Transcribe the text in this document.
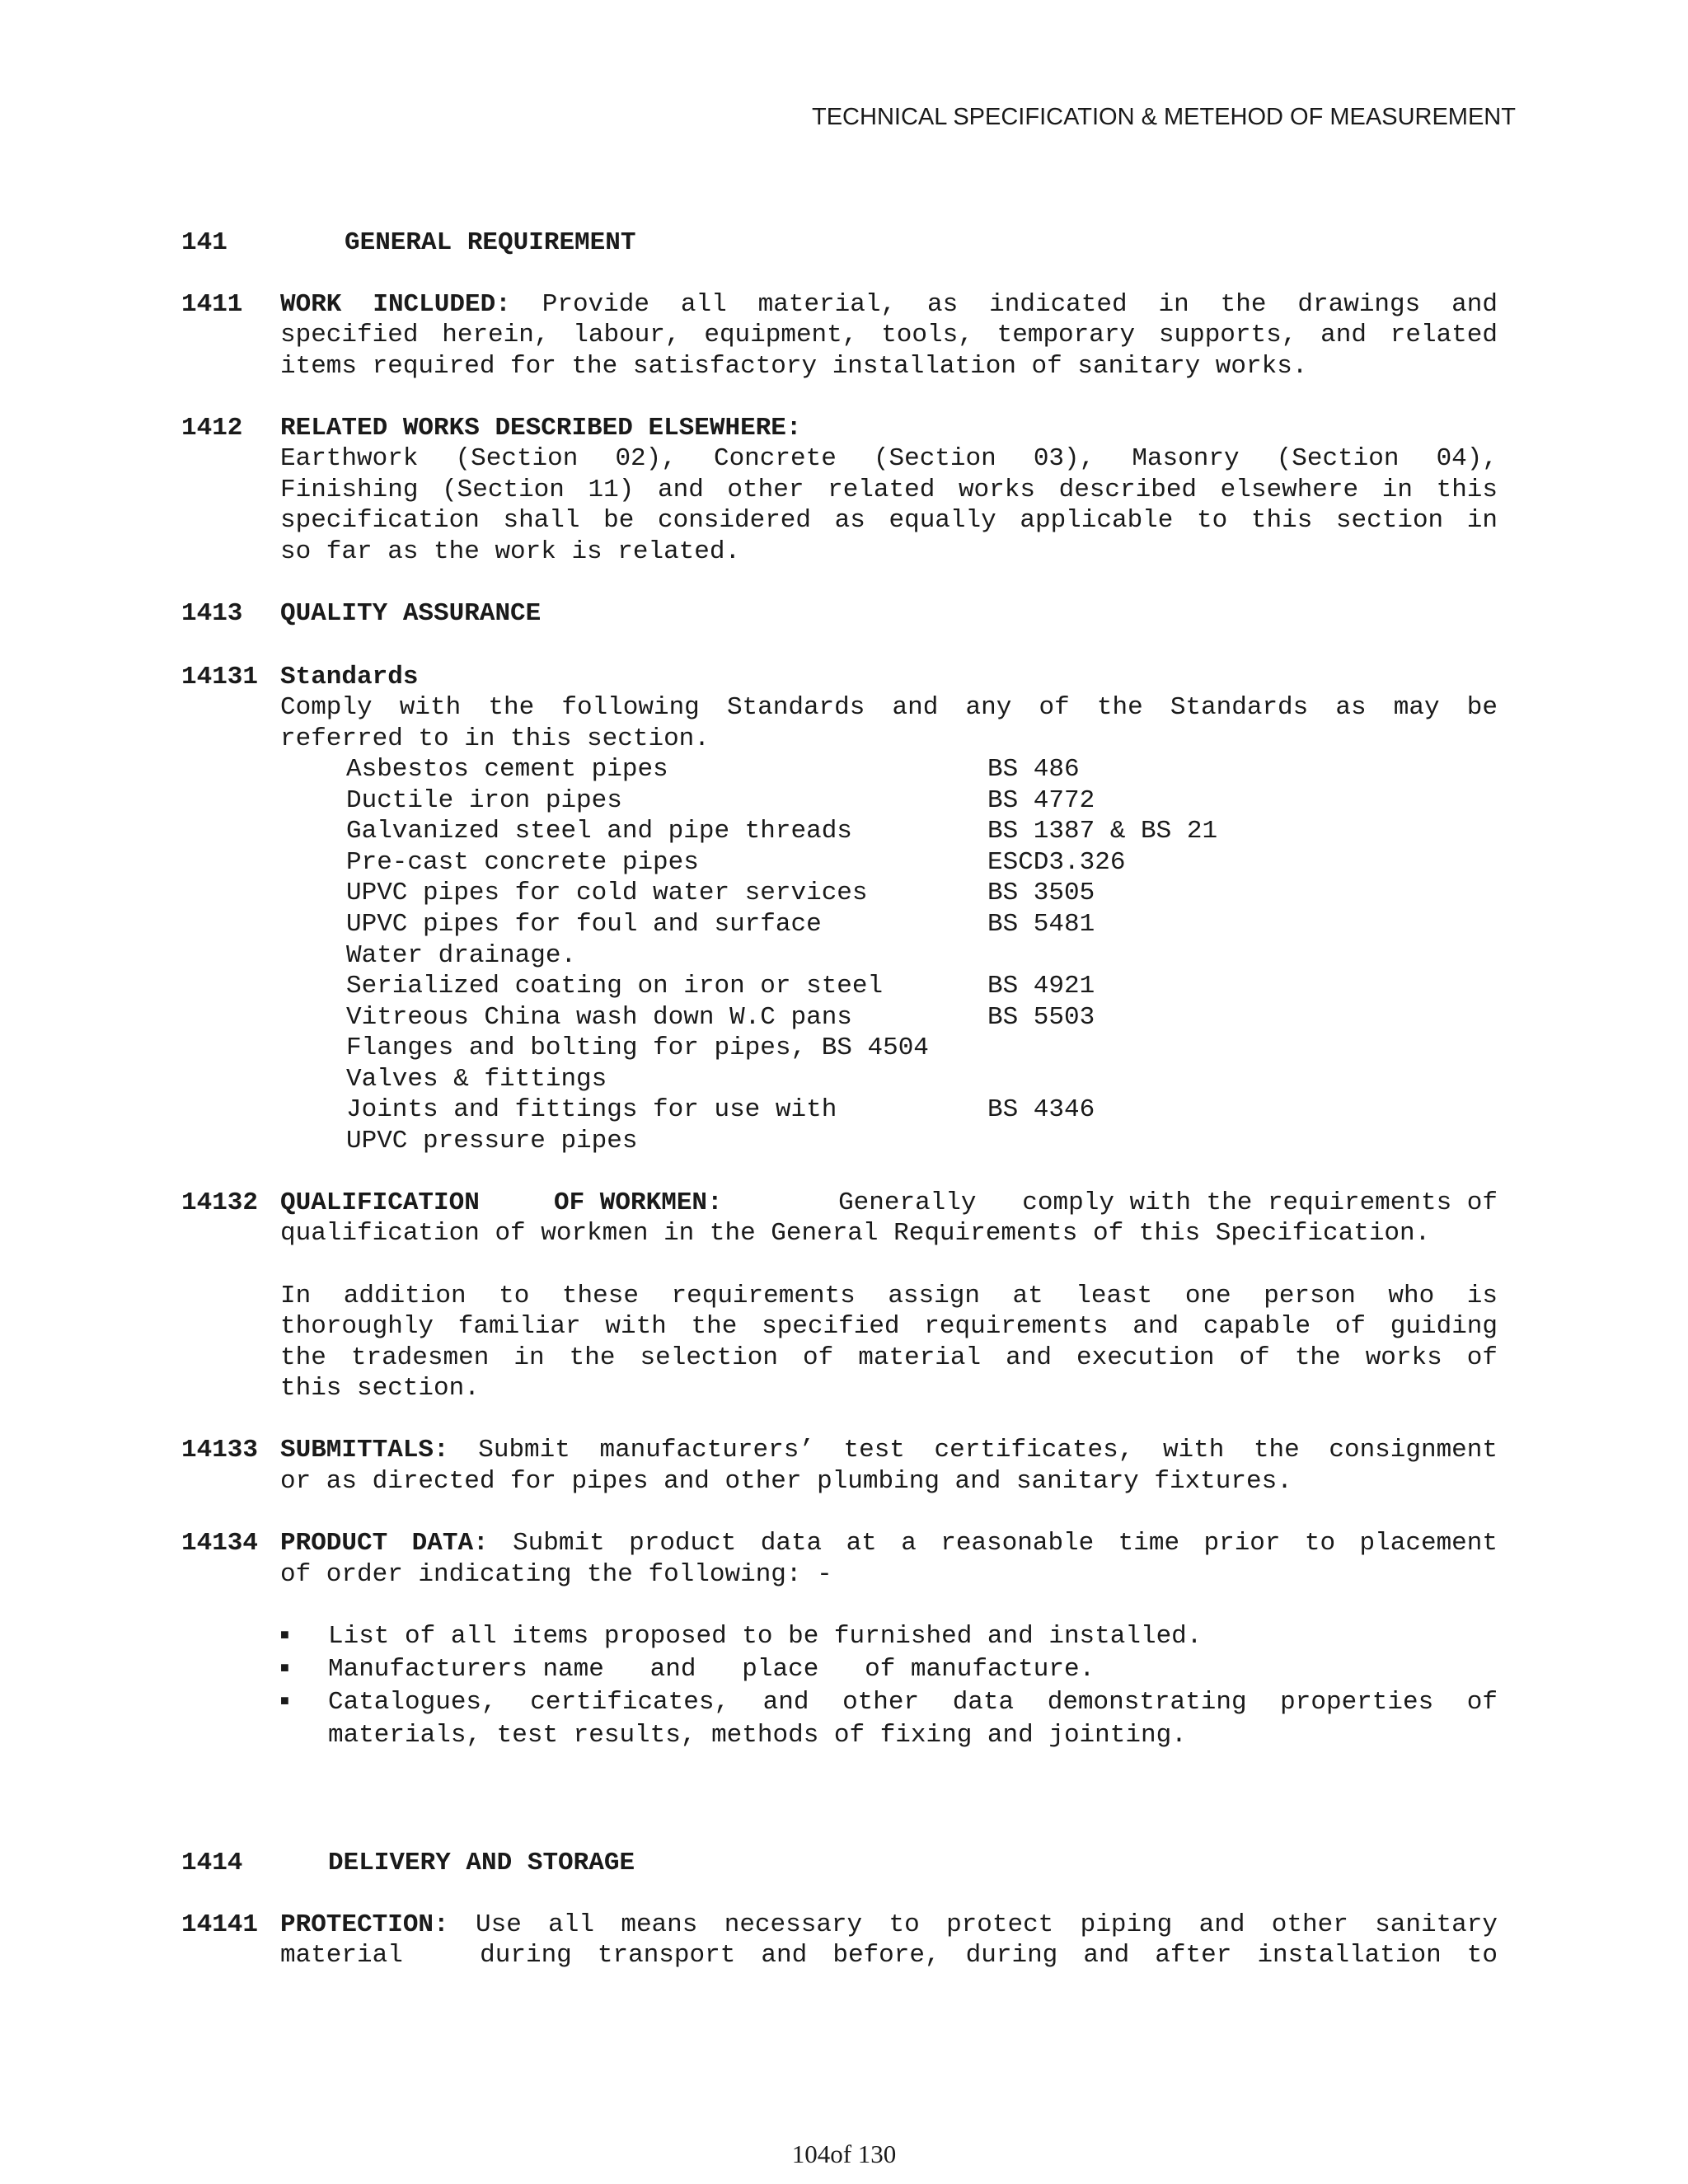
TECHNICAL SPECIFICATION & METEHOD OF MEASUREMENT
141	GENERAL REQUIREMENT
1411 WORK INCLUDED: Provide all material, as indicated in the drawings and
specified herein, labour, equipment, tools, temporary supports, and related
items required for the satisfactory installation of sanitary works.
1412 RELATED WORKS DESCRIBED ELSEWHERE:
Earthwork (Section 02), Concrete (Section 03), Masonry (Section 04),
Finishing (Section 11) and other related works described elsewhere in this
specification shall be considered as equally applicable to this section in
so far as the work is related.
1413 QUALITY ASSURANCE
14131 Standards
Comply with the following Standards and any of the Standards as may be
referred to in this section.
Asbestos cement pipes	BS 486
Ductile iron pipes	BS 4772
Galvanized steel and pipe threads	BS 1387 & BS 21
Pre-cast concrete pipes	ESCD3.326
UPVC pipes for cold water services	BS 3505
UPVC pipes for foul and surface	BS 5481
Water drainage.
Serialized coating on iron or steel	BS 4921
Vitreous China wash down W.C pans	BS 5503
Flanges and bolting for pipes, BS 4504
Valves & fittings
Joints and fittings for use with	BS 4346
UPVC pressure pipes
14132 QUALIFICATION	OF WORKMEN:	Generally   comply with the requirements of
qualification of workmen in the General Requirements of this Specification.
In addition to these requirements assign at least one person who is
thoroughly familiar with the specified requirements and capable of guiding
the tradesmen in the selection of material and execution of the works of
this section.
14133 SUBMITTALS: Submit manufacturers’ test certificates, with the consignment
or as directed for pipes and other plumbing and sanitary fixtures.
14134 PRODUCT DATA: Submit product data at a reasonable time prior to placement
of order indicating the following: -
■ List of all items proposed to be furnished and installed.
■ Manufacturers name   and   place   of manufacture.
■ Catalogues, certificates, and other data demonstrating properties of
materials, test results, methods of fixing and jointing.
1414	DELIVERY AND STORAGE
14141 PROTECTION: Use all means necessary to protect piping and other sanitary
material   during transport and before, during and after installation to
104of 130
